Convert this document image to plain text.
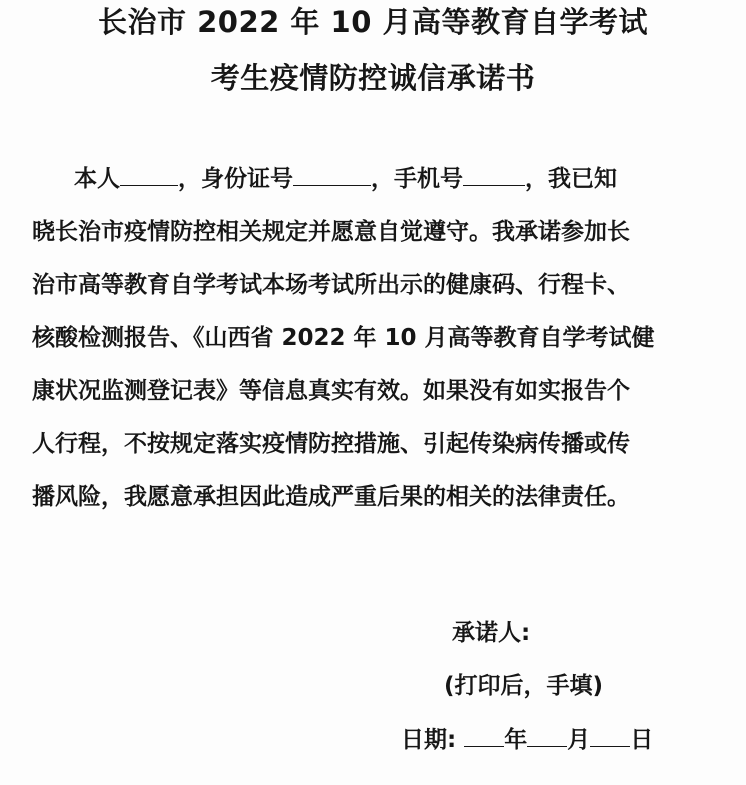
长治市 2022 年 10 月高等教育自学考试
考生疫情防控诚信承诺书
本人	，身份证号	，手机号	，我已知
晓长治市疫情防控相关规定并愿意自觉遵守。我承诺参加长
治市高等教育自学考试本场考试所出示的健康码、行程卡、
核酸检测报告、《山西省 2022 年 10 月高等教育自学考试健
康状况监测登记表》等信息真实有效。如果没有如实报告个
人行程，不按规定落实疫情防控措施、引起传染病传播或传
播风险，我愿意承担因此造成严重后果的相关的法律责任。
承诺人:
(打印后，手填)
日期: 年 月 日
